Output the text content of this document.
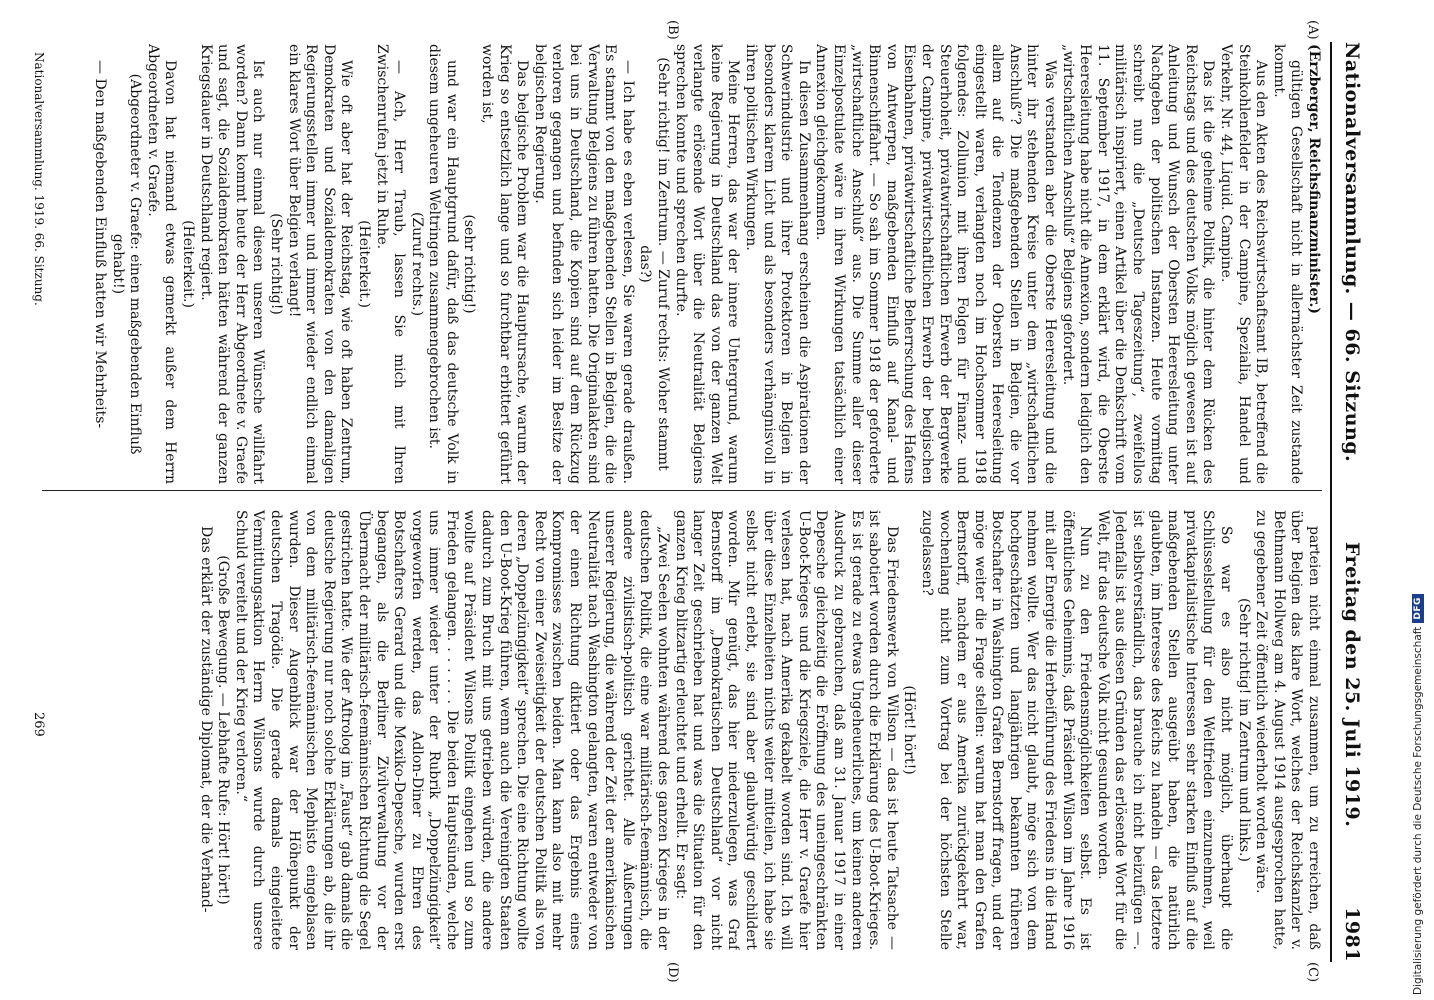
Nationalversammlung. — 66. Sitzung.
Freitag den 25. Juli 1919.
1981

(Erzberger, Reichsfinanzminister.)

gültigen Gesellschaft nicht in allernächster Zeit zustande kommt.

Aus den Akten des Reichswirtschaftsamt IB, betreffend die Steinkohlenfelder in der Campine, Spezialia, Handel und Verkehr, Nr. 44, Liquid. Campine.

Das ist die geheime Politik, die hinter dem Rücken des Reichstags und des deutschen Volks möglich gewesen ist auf Anleitung und Wunsch der Obersten Heeresleitung unter Nachgeben der politischen Instanzen. Heute vormittag schreibt nun die „Deutsche Tageszeitung“, zweifellos militärisch inspiriert, einen Artikel über die Denkschrift vom 11. September 1917, in dem erklärt wird, die Oberste Heeresleitung habe nicht die Annexion, sondern lediglich den „wirtschaftlichen Anschluß“ Belgiens gefordert.

Was verstanden aber die Oberste Heeresleitung und die hinter ihr stehenden Kreise unter dem „wirtschaftlichen Anschluß“? Die maßgebenden Stellen in Belgien, die vor allem auf die Tendenzen der Obersten Heeresleitung eingestellt waren, verlangten noch im Hochsommer 1918 folgendes: Zollunion mit ihren Folgen für Finanz- und Steuerhoheit, privatwirtschaftlichen Erwerb der Bergwerke der Campine, privatwirtschaftlichen Erwerb der belgischen Eisenbahnen, privatwirtschaftliche Beherrschung des Hafens von Antwerpen, maßgebenden Einfluß auf Kanal- und Binnenschiffahrt. — So sah im Sommer 1918 der geforderte „wirtschaftliche Anschluß“ aus. Die Summe aller dieser Einzelpostulate wäre in ihren Wirkungen tatsächlich einer Annexion gleichgekommen.

In diesen Zusammenhang erscheinen die Aspirationen der Schwerindustrie und ihrer Protektoren in Belgien in besonders klarem Licht und als besonders verhängnisvoll in ihren politischen Wirkungen.

Meine Herren, das war der innere Untergrund, warum keine Regierung in Deutschland das von der ganzen Welt verlangte erlösende Wort über die Neutralität Belgiens sprechen konnte und sprechen durfte.

(Sehr richtig! im Zentrum. — Zuruf rechts: Woher stammt das?)

— Ich habe es eben verlesen, Sie waren gerade draußen. Es stammt von den maßgebenden Stellen in Belgien, die die Verwaltung Belgiens zu führen hatten. Die Originalakten sind bei uns in Deutschland, die Kopien sind auf dem Rückzug verloren gegangen und befinden sich leider im Besitze der belgischen Regierung.

Das belgische Problem war die Hauptursache, warum der Krieg so entsetzlich lange und so furchtbar erbittert geführt worden ist,

(sehr richtig!)

und war ein Hauptgrund dafür, daß das deutsche Volk in diesem ungeheuren Weltringen zusammengebrochen ist.

(Zuruf rechts.)

— Ach, Herr Traub, lassen Sie mich mit Ihren Zwischenrufen jetzt in Ruhe.

(Heiterkeit.)

Wie oft aber hat der Reichstag, wie oft haben Zentrum, Demokraten und Sozialdemokraten von den damaligen Regierungsstellen immer und immer wieder endlich einmal ein klares Wort über Belgien verlangt!

(Sehr richtig!)

Ist auch nur einmal diesen unseren Wünsche willfahrt worden? Dann kommt heute der Herr Abgeordnete v. Graefe und sagt, die Sozialdemokraten hätten während der ganzen Kriegsdauer in Deutschland regiert.

(Heiterkeit.)

Davon hat niemand etwas gemerkt außer dem Herrn Abgeordneten v. Graefe.

(Abgeordneter v. Graefe: einen maßgebenden Einfluß gehabt!)

— Den maßgebenden Einfluß hatten wir Mehrheits-

parteien nicht einmal zusammen, um zu erreichen, daß über Belgien das klare Wort, welches der Reichskanzler v. Bethmann Hollweg am 4. August 1914 ausgesprochen hatte, zu gegebener Zeit öffentlich wiederholt worden wäre.

(Sehr richtig! im Zentrum und links.)

So war es also nicht möglich, überhaupt die Schlüsselstellung für den Weltfrieden einzunehmen, weil privatkapitalistische Interessen sehr starken Einfluß auf die maßgebenden Stellen ausgeübt haben, die natürlich glaubten, im Interesse des Reichs zu handeln — das letztere ist selbstverständlich, das brauche ich nicht beizufügen —. Jedenfalls ist aus diesen Gründen das erlösende Wort für die Welt, für das deutsche Volk nicht gesunden worden.

Nun zu den Friedensmöglichkeiten selbst. Es ist öffentliches Geheimnis, daß Präsident Wilson im Jahre 1916 mit aller Energie die Herbeiführung des Friedens in die Hand nehmen wollte. Wer das nicht glaubt, möge sich von dem hochgeschätzten und langjährigen bekannten früheren Botschafter in Washington Grafen Bernstorff fragen, und der möge weiter die Frage stellen: warum hat man den Grafen Bernstorff, nachdem er aus Amerika zurückgekehrt war, wochenlang nicht zum Vortrag bei der höchsten Stelle zugelassen?

(Hört! hört!)

Das Friedenswerk von Wilson — das ist heute Tatsache — ist sabotiert worden durch die Erklärung des U-Boot-Krieges. Es ist gerade zu etwas Ungeheuerliches, um keinen anderen Ausdruck zu gebrauchen, daß am 31. Januar 1917 in einer Depesche gleichzeitig die Eröffnung des uneingeschränkten U-Boot-Krieges und die Kriegsziele, die Herr v. Graefe hier verlesen hat, nach Amerika gekabelt worden sind. Ich will über diese Einzelheiten nichts weiter mitteilen, ich habe sie selbst nicht erlebt, sie sind aber glaubwürdig geschildert worden. Mir genügt, das hier niederzulegen, was Graf Bernstorff im „Demokratischen Deutschland“ vor nicht langer Zeit geschrieben hat und was die Situation für den ganzen Krieg blitzartig erleuchtet und erhellt. Er sagt:

„Zwei Seelen wohnten während des ganzen Krieges in der deutschen Politik, die eine war militärisch-feemännisch, die andere zivilistisch-politisch gerichtet. Alle Äußerungen unserer Regierung, die während der Zeit der amerikanischen Neutralität nach Washington gelangten, waren entweder von der einen Richtung diktiert oder das Ergebnis eines Kompromisses zwischen beiden. Man kann also mit mehr Recht von einer Zweiseitigkeit der deutschen Politik als von deren „Doppelzüngigkeit“ sprechen. Die eine Richtung wollte den U-Boot-Krieg führen, wenn auch die Vereinigten Staaten dadurch zum Bruch mit uns getrieben würden, die andere wollte auf Präsident Wilsons Politik eingehen und so zum Frieden gelangen. . . . . . . Die beiden Hauptsünden, welche uns immer wieder unter der Rubrik „Doppelzüngigkeit“ vorgeworfen werden, das Adlon-Diner zu Ehren des Botschafters Gerard und die Mexiko-Depesche, wurden erst begangen, als die Berliner Zivilverwaltung vor der Übermacht der militärisch-feemännischen Richtung die Segel gestrichen hatte. Wie der Aftrolog im „Faust“ gab damals die deutsche Regierung nur noch solche Erklärungen ab, die ihr von dem militärisch-feemännischen Mephisto eingeblasen wurden. Dieser Augenblick war der Höhepunkt der deutschen Tragödie. Die gerade damals eingeleitete Vermittlungsaktion Herrn Wilsons wurde durch unsere Schuld vereitelt und der Krieg verloren.“

(Große Bewegung. — Lebhafte Rufe: Hört! hört!)

Das erklärt der zuständige Diplomat, der die Verhand-

(A)
(B)
(C)
(D)
Nationalversammlung. 1919. 66. Sitzung.
269	Digitalisierung gefördert durch die Deutsche Forschungsgemeinschaft
DFG
